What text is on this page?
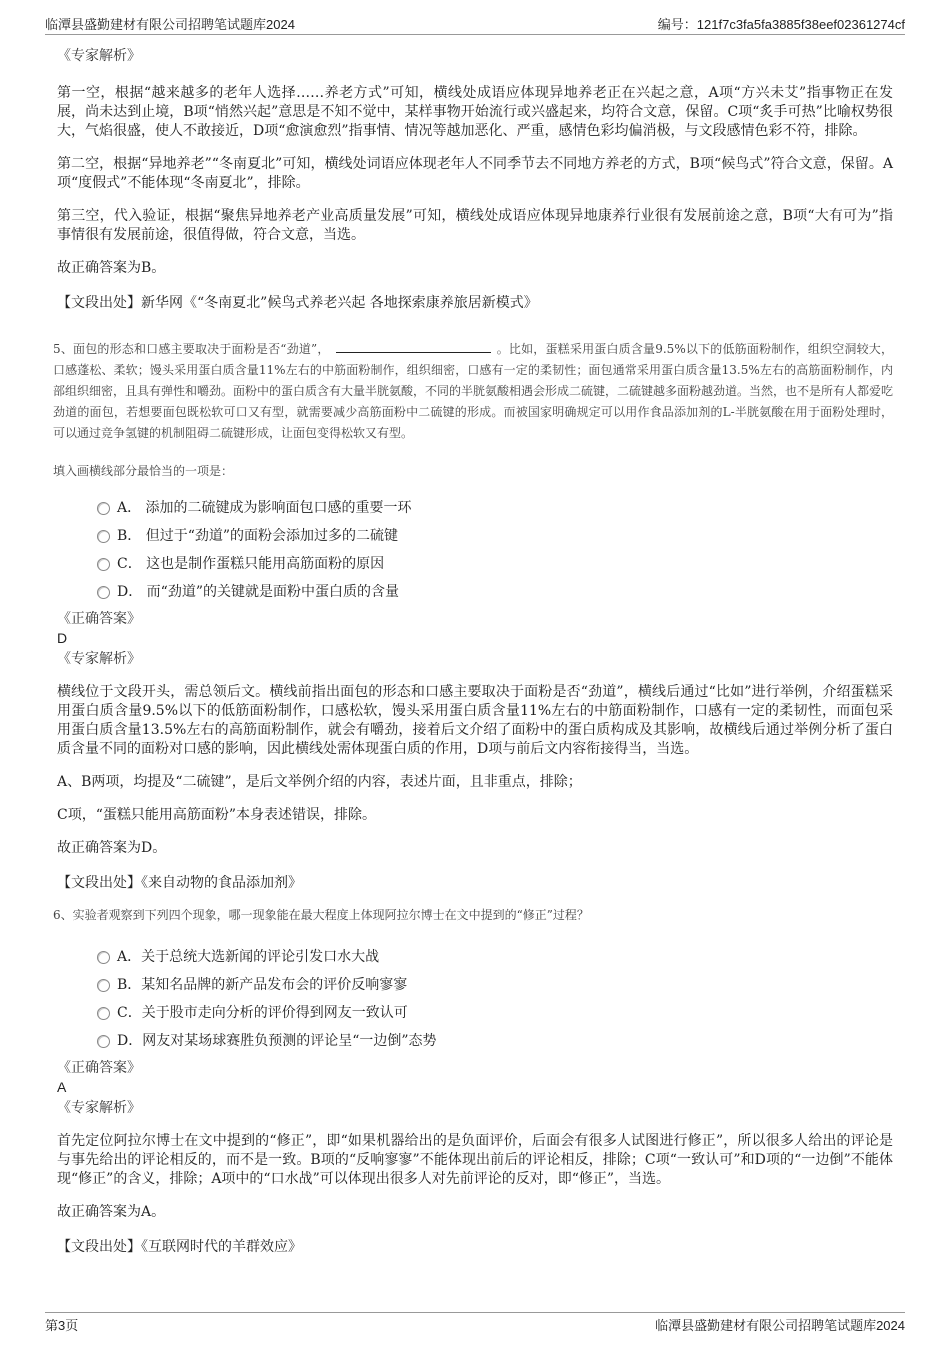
临潭县盛勤建材有限公司招聘笔试题库2024	编号：121f7c3fa5fa3885f38eef02361274cf

《专家解析》

第一空，根据“越来越多的老年人选择……养老方式”可知，横线处成语应体现异地养老正在兴起之意，A项“方兴未艾”指事物正在发展，尚未达到止境，B项“悄然兴起”意思是不知不觉中，某样事物开始流行或兴盛起来，均符合文意，保留。C项“炙手可热”比喻权势很大，气焰很盛，使人不敢接近，D项“愈演愈烈”指事情、情况等越加恶化、严重，感情色彩均偏消极，与文段感情色彩不符，排除。

第二空，根据“异地养老”“冬南夏北”可知，横线处词语应体现老年人不同季节去不同地方养老的方式，B项“候鸟式”符合文意，保留。A项“度假式”不能体现“冬南夏北”，排除。

第三空，代入验证，根据“聚焦异地养老产业高质量发展”可知，横线处成语应体现异地康养行业很有发展前途之意，B项“大有可为”指事情很有发展前途，很值得做，符合文意，当选。

故正确答案为B。

【文段出处】新华网《“冬南夏北”候鸟式养老兴起 各地探索康养旅居新模式》

5、面包的形态和口感主要取决于面粉是否“劲道”，	。比如，蛋糕采用蛋白质含量9.5%以下的低筋面粉制作，组织空洞较大，口感蓬松、柔软；馒头采用蛋白质含量11%左右的中筋面粉制作，组织细密，口感有一定的柔韧性；面包通常采用蛋白质含量13.5%左右的高筋面粉制作，内部组织细密，且具有弹性和嚼劲。面粉中的蛋白质含有大量半胱氨酸，不同的半胱氨酸相遇会形成二硫键，二硫键越多面粉越劲道。当然，也不是所有人都爱吃劲道的面包，若想要面包既松软可口又有型，就需要减少高筋面粉中二硫键的形成。而被国家明确规定可以用作食品添加剂的L-半胱氨酸在用于面粉处理时，可以通过竞争氢键的机制阻碍二硫键形成，让面包变得松软又有型。

填入画横线部分最恰当的一项是：

A． 添加的二硫键成为影响面包口感的重要一环
B． 但过于“劲道”的面粉会添加过多的二硫键
C． 这也是制作蛋糕只能用高筋面粉的原因
D． 而“劲道”的关键就是面粉中蛋白质的含量

《正确答案》

D

《专家解析》

横线位于文段开头，需总领后文。横线前指出面包的形态和口感主要取决于面粉是否“劲道”，横线后通过“比如”进行举例，介绍蛋糕采用蛋白质含量9.5%以下的低筋面粉制作，口感松软，馒头采用蛋白质含量11%左右的中筋面粉制作，口感有一定的柔韧性，而面包采用蛋白质含量13.5%左右的高筋面粉制作，就会有嚼劲，接着后文介绍了面粉中的蛋白质构成及其影响，故横线后通过举例分析了蛋白质含量不同的面粉对口感的影响，因此横线处需体现蛋白质的作用，D项与前后文内容衔接得当，当选。

A、B两项，均提及“二硫键”，是后文举例介绍的内容，表述片面，且非重点，排除；

C项，“蛋糕只能用高筋面粉”本身表述错误，排除。

故正确答案为D。

【文段出处】《来自动物的食品添加剂》

6、实验者观察到下列四个现象，哪一现象能在最大程度上体现阿拉尔博士在文中提到的“修正”过程？

A．关于总统大选新闻的评论引发口水大战
B．某知名品牌的新产品发布会的评价反响寥寥
C．关于股市走向分析的评价得到网友一致认可
D．网友对某场球赛胜负预测的评论呈“一边倒”态势

《正确答案》

A

《专家解析》

首先定位阿拉尔博士在文中提到的“修正”，即“如果机器给出的是负面评价，后面会有很多人试图进行修正”，所以很多人给出的评论是与事先给出的评论相反的，而不是一致。B项的“反响寥寥”不能体现出前后的评论相反，排除；C项“一致认可”和D项的“一边倒”不能体现“修正”的含义，排除；A项中的“口水战”可以体现出很多人对先前评论的反对，即“修正”，当选。

故正确答案为A。

【文段出处】《互联网时代的羊群效应》

第3页	临潭县盛勤建材有限公司招聘笔试题库2024
